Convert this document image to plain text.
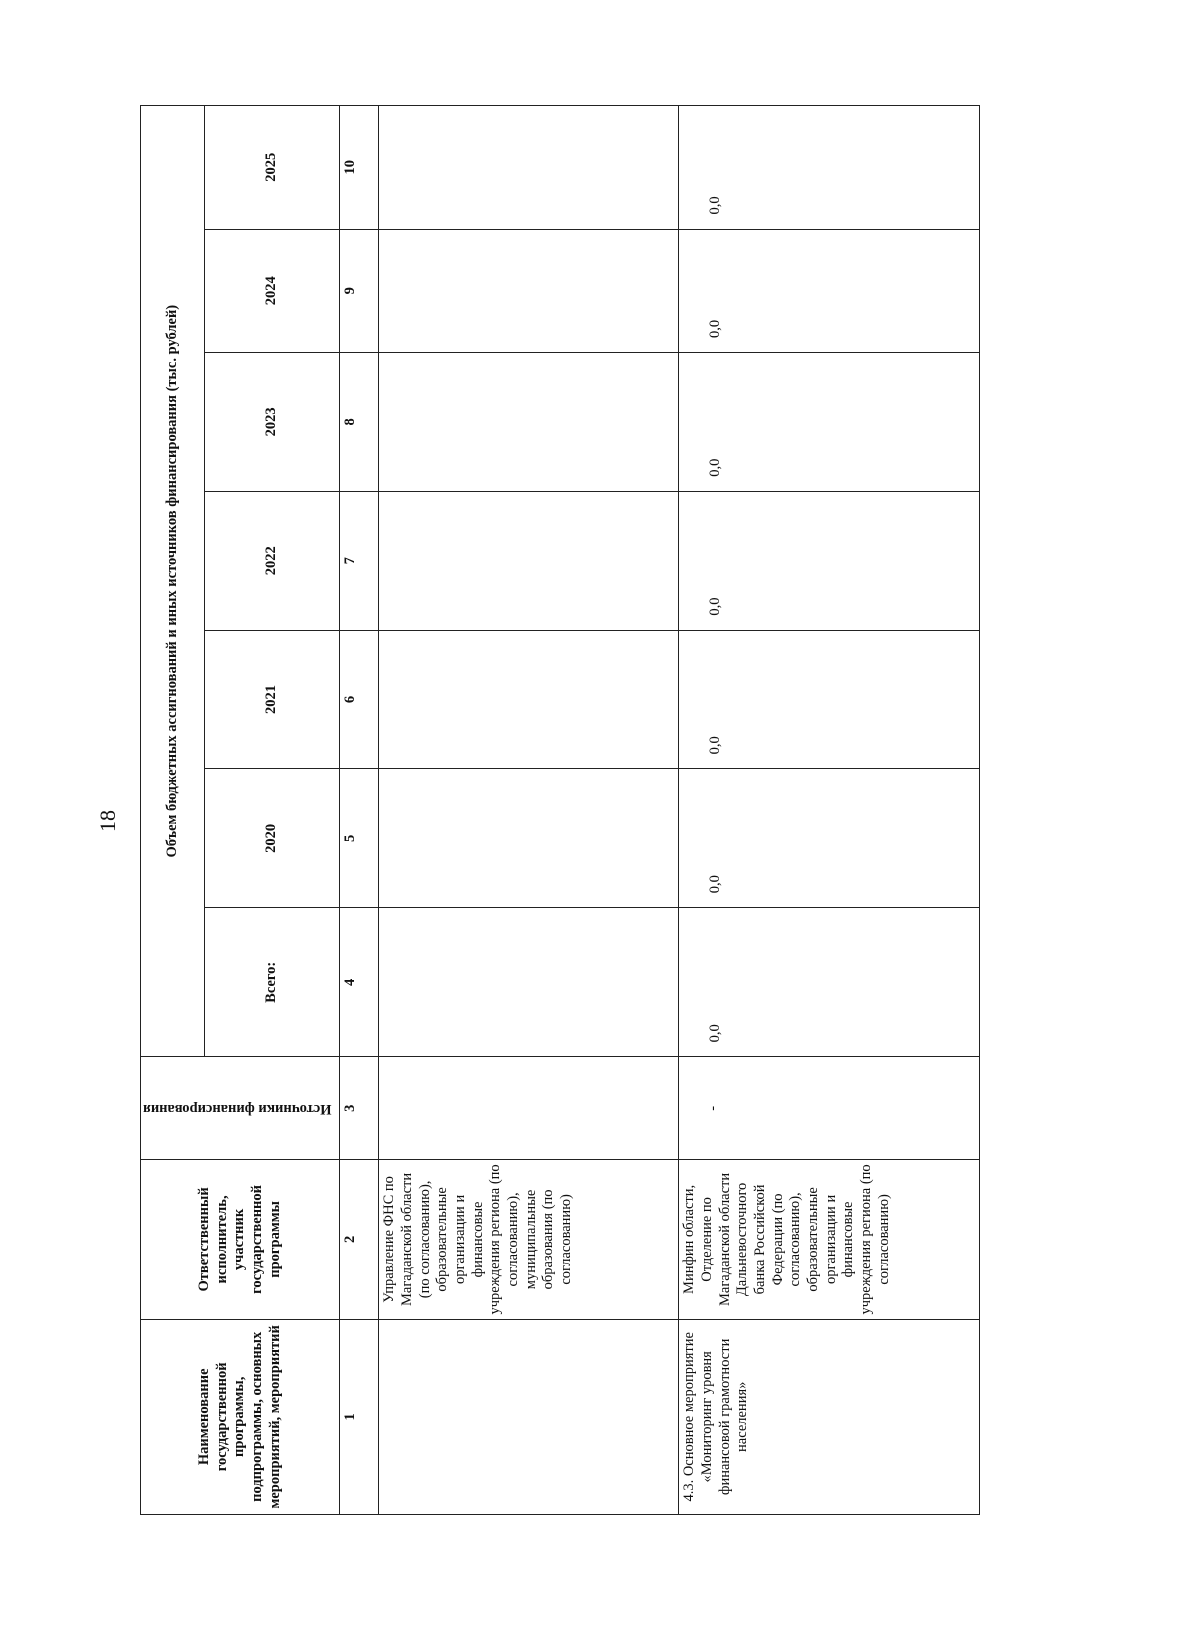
18
Наименование государственной программы, подпрограммы, основных мероприятий, мероприятий	Ответственный исполнитель, участник государственной программы	Источники финансирования	Объем бюджетных ассигнований и иных источников финансирования (тыс. рублей)						
			Всего:	2020	2021	2022	2023	2024	2025
1	2	3	4	5	6	7	8	9	10
	Управление ФНС по Магаданской области (по согласованию), образовательные организации и финансовые учреждения региона (по согласованию), муниципальные образования (по согласованию)								
4.3. Основное мероприятие «Мониторинг уровня финансовой грамотности населения»	Минфин области, Отделение по Магаданской области Дальневосточного банка Российской Федерации (по согласованию), образовательные организации и финансовые учреждения региона (по согласованию)	-	0,0	0,0	0,0	0,0	0,0	0,0	0,0
